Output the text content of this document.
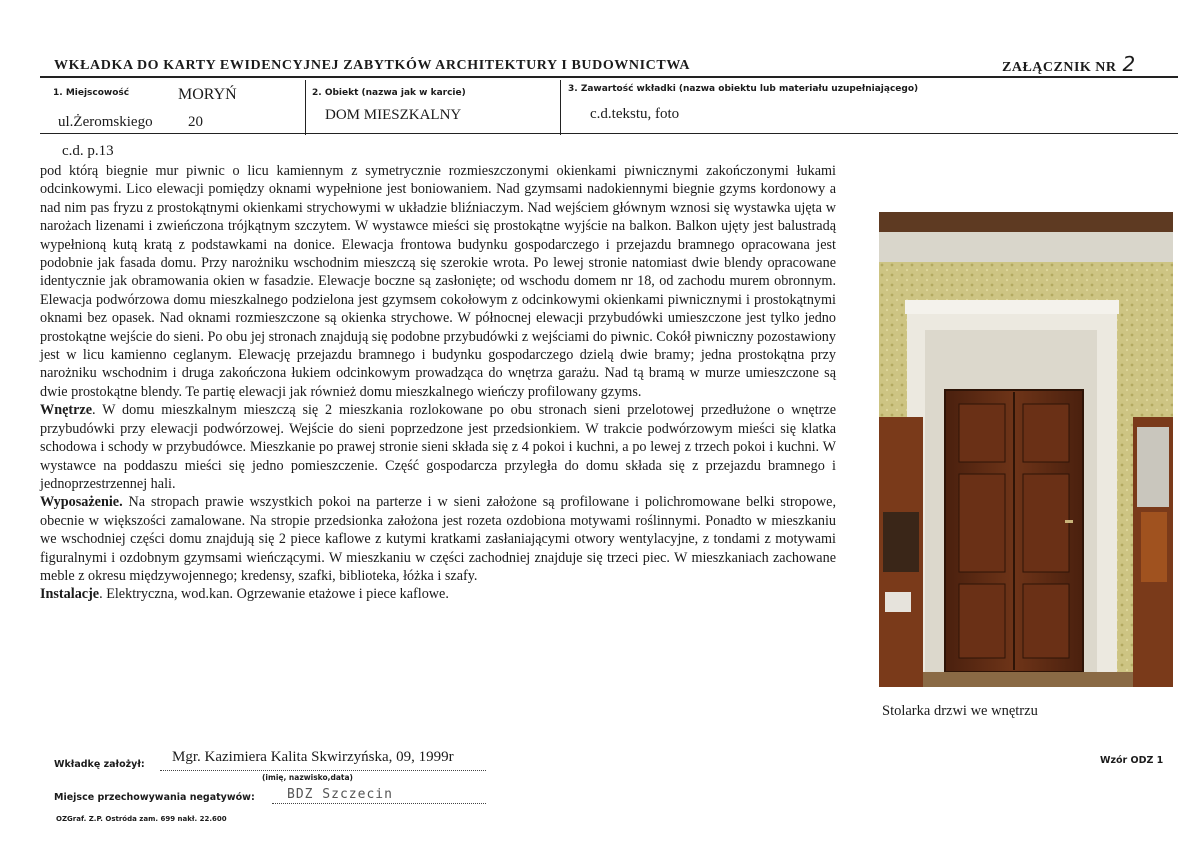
WKŁADKA DO KARTY EWIDENCYJNEJ ZABYTKÓW ARCHITEKTURY I BUDOWNICTWA	ZAŁĄCZNIK NR 2
1. Miejscowość	MORYŃ
ul.Żeromskiego 20
2. Obiekt (nazwa jak w karcie)
DOM MIESZKALNY
3. Zawartość wkładki (nazwa obiektu lub materiału uzupełniającego)
c.d.tekstu, foto
c.d. p.13

pod którą biegnie mur piwnic o licu kamiennym z symetrycznie rozmieszczonymi okienkami piwnicznymi zakończonymi łukami odcinkowymi. Lico elewacji pomiędzy oknami wypełnione jest boniowaniem. Nad gzymsami nadokiennymi biegnie gzyms kordonowy a nad nim pas fryzu z prostokątnymi okienkami strychowymi w układzie bliźniaczym. Nad wejściem głównym wznosi się wystawka ujęta w narożach lizenami i zwieńczona trójkątnym szczytem. W wystawce mieści się prostokątne wyjście na balkon. Balkon ujęty jest balustradą wypełnioną kutą kratą z podstawkami na donice. Elewacja frontowa budynku gospodarczego i przejazdu bramnego opracowana jest podobnie jak fasada domu. Przy narożniku wschodnim mieszczą się szerokie wrota. Po lewej stronie natomiast dwie blendy opracowane identycznie jak obramowania okien w fasadzie. Elewacje boczne są zasłonięte; od wschodu domem nr 18, od zachodu murem obronnym. Elewacja podwórzowa domu mieszkalnego podzielona jest gzymsem cokołowym z odcinkowymi okienkami piwnicznymi i prostokątnymi oknami bez opasek. Nad oknami rozmieszczone są okienka strychowe. W północnej elewacji przybudówki umieszczone jest tylko jedno prostokątne wejście do sieni. Po obu jej stronach znajdują się podobne przybudówki z wejściami do piwnic. Cokół piwniczny pozostawiony jest w licu kamienno ceglanym. Elewację przejazdu bramnego i budynku gospodarczego dzielą dwie bramy; jedna prostokątna przy narożniku wschodnim i druga zakończona łukiem odcinkowym prowadząca do wnętrza garażu. Nad tą bramą w murze umieszczone są dwie prostokątne blendy. Te partię elewacji jak również domu mieszkalnego wieńczy profilowany gzyms.

Wnętrze. W domu mieszkalnym mieszczą się 2 mieszkania rozlokowane po obu stronach sieni przelotowej przedłużone o wnętrze przybudówki przy elewacji podwórzowej. Wejście do sieni poprzedzone jest przedsionkiem. W trakcie podwórzowym mieści się klatka schodowa i schody w przybudówce. Mieszkanie po prawej stronie sieni składa się z 4 pokoi i kuchni, a po lewej z trzech pokoi i kuchni. W wystawce na poddaszu mieści się jedno pomieszczenie. Część gospodarcza przyległa do domu składa się z przejazdu bramnego i jednoprzestrzennej hali.

Wyposażenie. Na stropach prawie wszystkich pokoi na parterze i w sieni założone są profilowane i polichromowane belki stropowe, obecnie w większości zamalowane. Na stropie przedsionka założona jest rozeta ozdobiona motywami roślinnymi. Ponadto w mieszkaniu we wschodniej części domu znajdują się 2 piece kaflowe z kutymi kratkami zasłaniającymi otwory wentylacyjne, z tondami z motywami figuralnymi i ozdobnym gzymsami wieńczącymi. W mieszkaniu w części zachodniej znajduje się trzeci piec. W mieszkaniach zachowane meble z okresu międzywojennego; kredensy, szafki, biblioteka, łóżka i szafy.

Instalacje. Elektryczna, wod.kan. Ogrzewanie etażowe i piece kaflowe.

Stolarka drzwi we wnętrzu
Wkładkę założył: Mgr. Kazimiera Kalita Skwirzyńska, 09, 1999r
(imię, nazwisko,data)
Miejsce przechowywania negatywów: BDZ Szczecin
Wzór ODZ 1
OZGraf. Z.P. Ostróda zam. 699 nakł. 22.600
